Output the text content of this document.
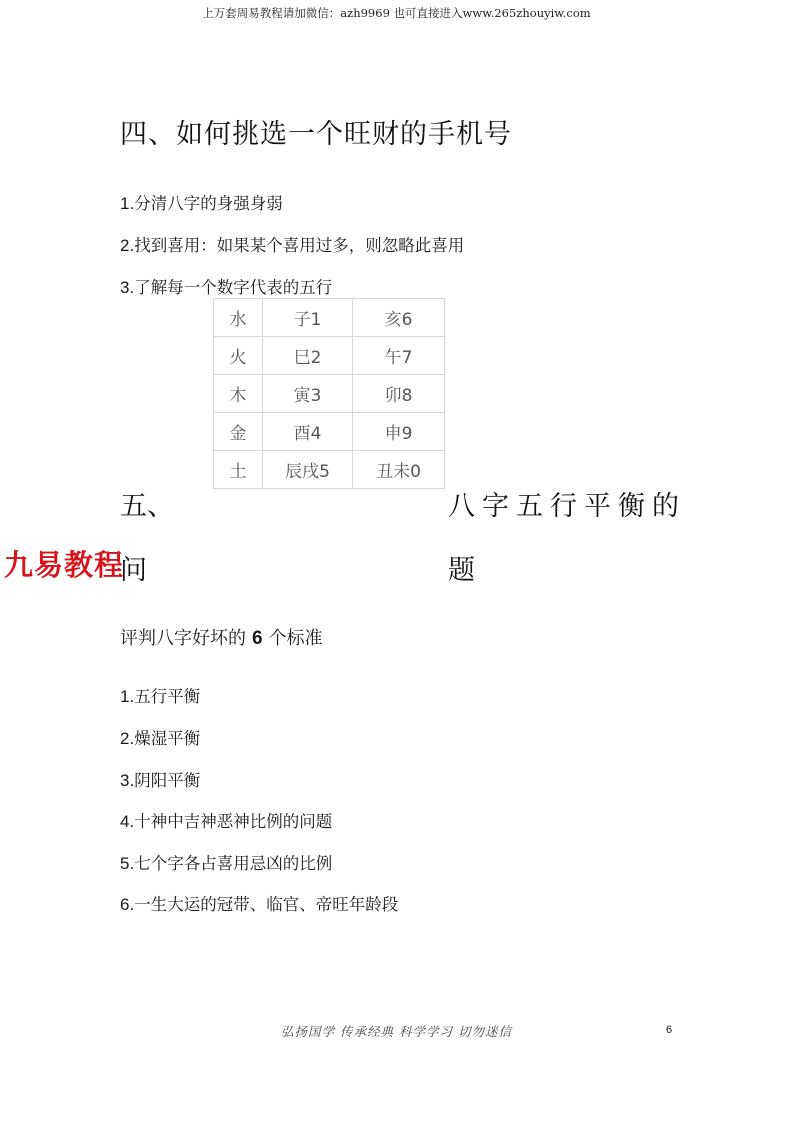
上万套周易教程请加微信：azh9969 也可直接进入www.265zhouyiw.com
四、如何挑选一个旺财的手机号
1.分清八字的身强身弱
2.找到喜用：如果某个喜用过多，则忽略此喜用
3.了解每一个数字代表的五行
水	子1	亥6
火	巳2	午7
木	寅3	卯8
金	酉4	申9
土	辰戌5	丑未0
五、	八字五行平衡的
问	题
九易教程
评判八字好坏的 6 个标准
1.五行平衡
2.燥湿平衡
3.阴阳平衡
4.十神中吉神恶神比例的问题
5.七个字各占喜用忌凶的比例
6.一生大运的冠带、临官、帝旺年龄段
弘扬国学 传承经典 科学学习 切勿迷信	6
